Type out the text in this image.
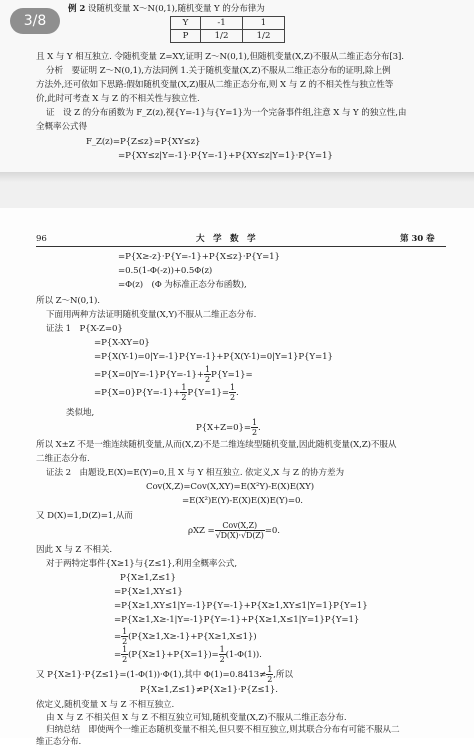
3/8
例 2 设随机变量 X～N(0,1),随机变量 Y 的分布律为
Y	-1	1
P	1/2	1/2
且 X 与 Y 相互独立. 令随机变量 Z=XY,证明 Z～N(0,1),但随机变量(X,Z)不服从二维正态分布[3].
分析　要证明 Z～N(0,1),方法同例 1.关于随机变量(X,Z)不服从二维正态分布的证明,除上例
方法外,还可依如下思路:假如随机变量(X,Z)服从二维正态分布,则 X 与 Z 的不相关性与独立性等
价,此时可考查 X 与 Z 的不相关性与独立性.
证　设 Z 的分布函数为 F_Z(z),视{Y=-1}与{Y=1}为一个完备事件组,注意 X 与 Y 的独立性,由
全概率公式得
F_Z(z)=P{Z≤z}=P{XY≤z}
=P{XY≤z|Y=-1}·P{Y=-1}+P{XY≤z|Y=1}·P{Y=1}
96	大　学　数　学	第 30 卷
=P{X≥-z}·P{Y=-1}+P{X≤z}·P{Y=1}
=0.5(1-Φ(-z))+0.5Φ(z)
=Φ(z)　(Φ 为标准正态分布函数),
所以 Z～N(0,1).
下面用两种方法证明随机变量(X,Y)不服从二维正态分布.
证法 1　P{X-Z=0}
=P{X-XY=0}
=P{X(Y-1)=0|Y=-1}P{Y=-1}+P{X(Y-1)=0|Y=1}P{Y=1}
$=P\{X=0|Y=-1\}P\{Y=-1\}+ \frac{1}{2} P\{Y=1\}=$
$=P\{X=0\}P\{Y=-1\}+ \frac{1}{2} P\{Y=1\}= \frac{1}{2}$ .
类似地,
$P\{X+Z=0\}= \frac{1}{2}$ .
所以 X±Z 不是一维连续随机变量,从而(X,Z)不是二维连续型随机变量,因此随机变量(X,Z)不服从
二维正态分布.
证法 2　由题设,E(X)=E(Y)=0,且 X 与 Y 相互独立. 依定义,X 与 Z 的协方差为
Cov(X,Z)=Cov(X,XY)=E(X²Y)-E(X)E(XY)
=E(X²)E(Y)-E(X)E(X)E(Y)=0.
又 D(X)=1,D(Z)=1,从而
$\rho XZ = \frac{\text{Cov(X,Z)}}{√D(X)\cdot√D(Z)} =0$.
因此 X 与 Z 不相关.
对于两特定事件{X≥1}与{Z≤1},利用全概率公式,
P{X≥1,Z≤1}
=P{X≥1,XY≤1}
=P{X≥1,XY≤1|Y=-1}P{Y=-1}+P{X≥1,XY≤1|Y=1}P{Y=1}
=P{X≥1,X≥-1|Y=-1}P{Y=-1}+P{X≥1,X≤1|Y=1}P{Y=1}
= $\frac{1}{2} (P\{X\ge 1,X\ge-1\}+P\{X\ge 1,X\le 1\})$
= $\frac{1}{2} (P\{X\ge 1\}+P\{X=1\})= \frac{1}{2} (1-\Phi(1))$.
又 P{X≥1}·P{Z≤1}=(1-Φ(1))·Φ(1),其中 $\Phi(1)=0.8413\ne \frac{1}{2}$ ,所以
P{X≥1,Z≤1}≠P{X≥1}·P{Z≤1}.
依定义,随机变量 X 与 Z 不相互独立.
由 X 与 Z 不相关但 X 与 Z 不相互独立可知,随机变量(X,Z)不服从二维正态分布.
归纳总结　即使两个一维正态随机变量不相关,但只要不相互独立,则其联合分布有可能不服从二
维正态分布.
